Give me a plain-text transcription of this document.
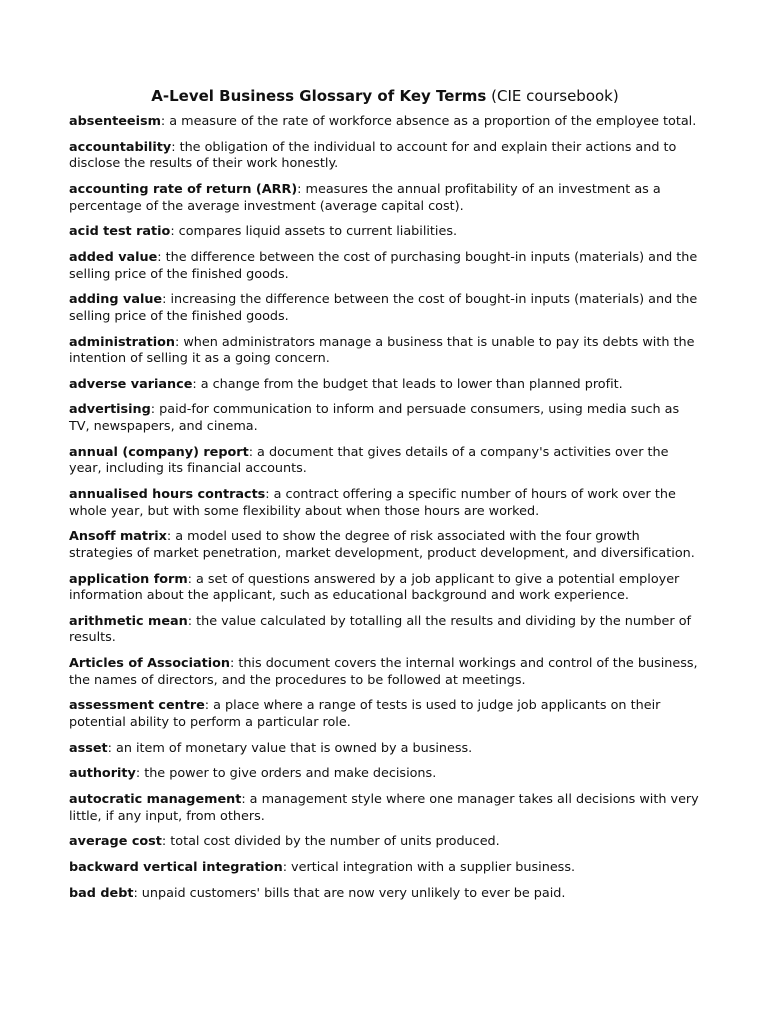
A-Level Business Glossary of Key Terms (CIE coursebook)
absenteeism: a measure of the rate of workforce absence as a proportion of the employee total.
accountability: the obligation of the individual to account for and explain their actions and to disclose the results of their work honestly.
accounting rate of return (ARR): measures the annual profitability of an investment as a percentage of the average investment (average capital cost).
acid test ratio: compares liquid assets to current liabilities.
added value: the difference between the cost of purchasing bought-in inputs (materials) and the selling price of the finished goods.
adding value: increasing the difference between the cost of bought-in inputs (materials) and the selling price of the finished goods.
administration: when administrators manage a business that is unable to pay its debts with the intention of selling it as a going concern.
adverse variance: a change from the budget that leads to lower than planned profit.
advertising: paid-for communication to inform and persuade consumers, using media such as TV, newspapers, and cinema.
annual (company) report: a document that gives details of a company's activities over the year, including its financial accounts.
annualised hours contracts: a contract offering a specific number of hours of work over the whole year, but with some flexibility about when those hours are worked.
Ansoff matrix: a model used to show the degree of risk associated with the four growth strategies of market penetration, market development, product development, and diversification.
application form: a set of questions answered by a job applicant to give a potential employer information about the applicant, such as educational background and work experience.
arithmetic mean: the value calculated by totalling all the results and dividing by the number of results.
Articles of Association: this document covers the internal workings and control of the business, the names of directors, and the procedures to be followed at meetings.
assessment centre: a place where a range of tests is used to judge job applicants on their potential ability to perform a particular role.
asset: an item of monetary value that is owned by a business.
authority: the power to give orders and make decisions.
autocratic management: a management style where one manager takes all decisions with very little, if any input, from others.
average cost: total cost divided by the number of units produced.
backward vertical integration: vertical integration with a supplier business.
bad debt: unpaid customers' bills that are now very unlikely to ever be paid.
